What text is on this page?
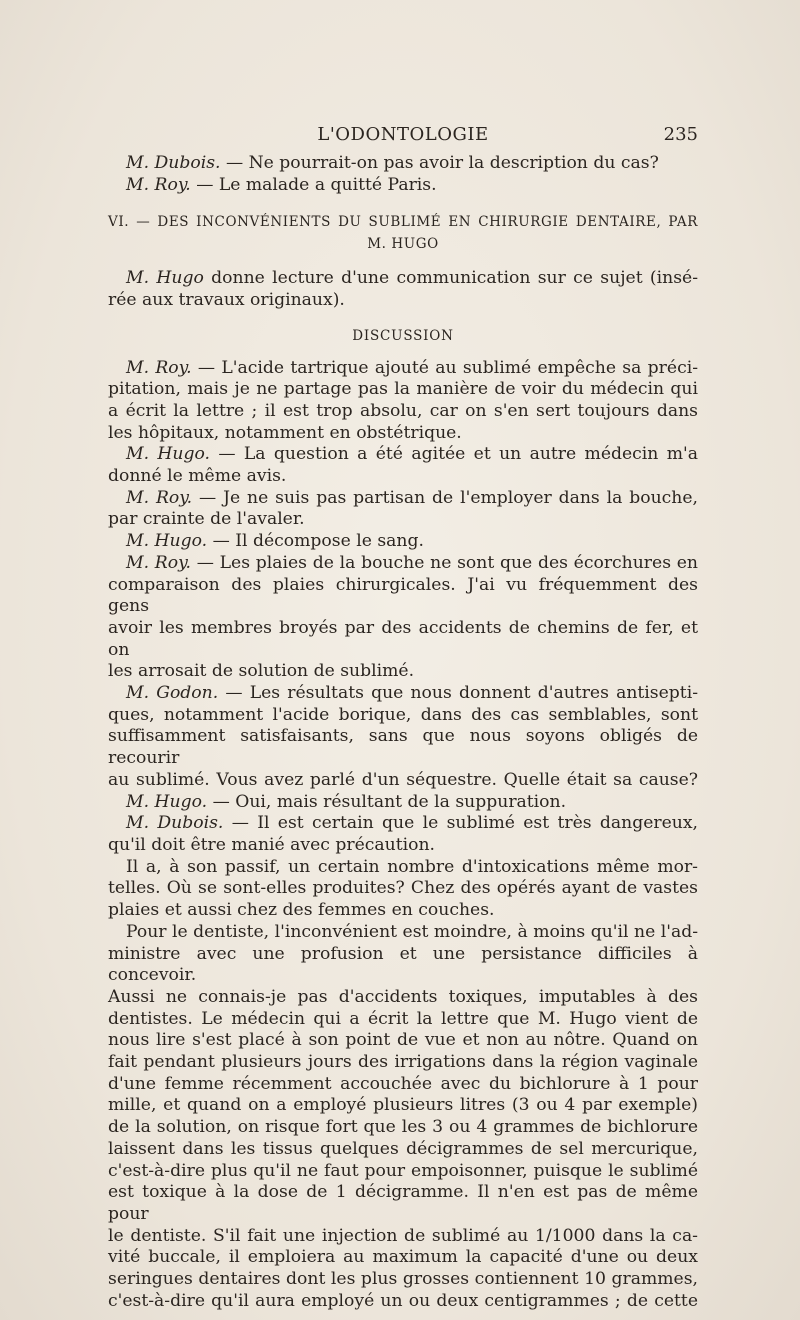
L'ODONTOLOGIE	235
M. Dubois. — Ne pourrait-on pas avoir la description du cas?
M. Roy. — Le malade a quitté Paris.
VI. — DES INCONVÉNIENTS DU SUBLIMÉ EN CHIRURGIE DENTAIRE, PAR
M. HUGO
M. Hugo donne lecture d'une communication sur ce sujet (insé-
rée aux travaux originaux).
DISCUSSION
M. Roy. — L'acide tartrique ajouté au sublimé empêche sa préci-
pitation, mais je ne partage pas la manière de voir du médecin qui
a écrit la lettre ; il est trop absolu, car on s'en sert toujours dans
les hôpitaux, notamment en obstétrique.
M. Hugo. — La question a été agitée et un autre médecin m'a
donné le même avis.
M. Roy. — Je ne suis pas partisan de l'employer dans la bouche,
par crainte de l'avaler.
M. Hugo. — Il décompose le sang.
M. Roy. — Les plaies de la bouche ne sont que des écorchures en
comparaison des plaies chirurgicales. J'ai vu fréquemment des gens
avoir les membres broyés par des accidents de chemins de fer, et on
les arrosait de solution de sublimé.
M. Godon. — Les résultats que nous donnent d'autres antisepti-
ques, notamment l'acide borique, dans des cas semblables, sont
suffisamment satisfaisants, sans que nous soyons obligés de recourir
au sublimé. Vous avez parlé d'un séquestre. Quelle était sa cause?
M. Hugo. — Oui, mais résultant de la suppuration.
M. Dubois. — Il est certain que le sublimé est très dangereux,
qu'il doit être manié avec précaution.
Il a, à son passif, un certain nombre d'intoxications même mor-
telles. Où se sont-elles produites? Chez des opérés ayant de vastes
plaies et aussi chez des femmes en couches.
Pour le dentiste, l'inconvénient est moindre, à moins qu'il ne l'ad-
ministre avec une profusion et une persistance difficiles à concevoir.
Aussi ne connais-je pas d'accidents toxiques, imputables à des
dentistes. Le médecin qui a écrit la lettre que M. Hugo vient de
nous lire s'est placé à son point de vue et non au nôtre. Quand on
fait pendant plusieurs jours des irrigations dans la région vaginale
d'une femme récemment accouchée avec du bichlorure à 1 pour
mille, et quand on a employé plusieurs litres (3 ou 4 par exemple)
de la solution, on risque fort que les 3 ou 4 grammes de bichlorure
laissent dans les tissus quelques décigrammes de sel mercurique,
c'est-à-dire plus qu'il ne faut pour empoisonner, puisque le sublimé
est toxique à la dose de 1 décigramme. Il n'en est pas de même pour
le dentiste. S'il fait une injection de sublimé au 1/1000 dans la ca-
vité buccale, il emploiera au maximum la capacité d'une ou deux
seringues dentaires dont les plus grosses contiennent 10 grammes,
c'est-à-dire qu'il aura employé un ou deux centigrammes ; de cette
